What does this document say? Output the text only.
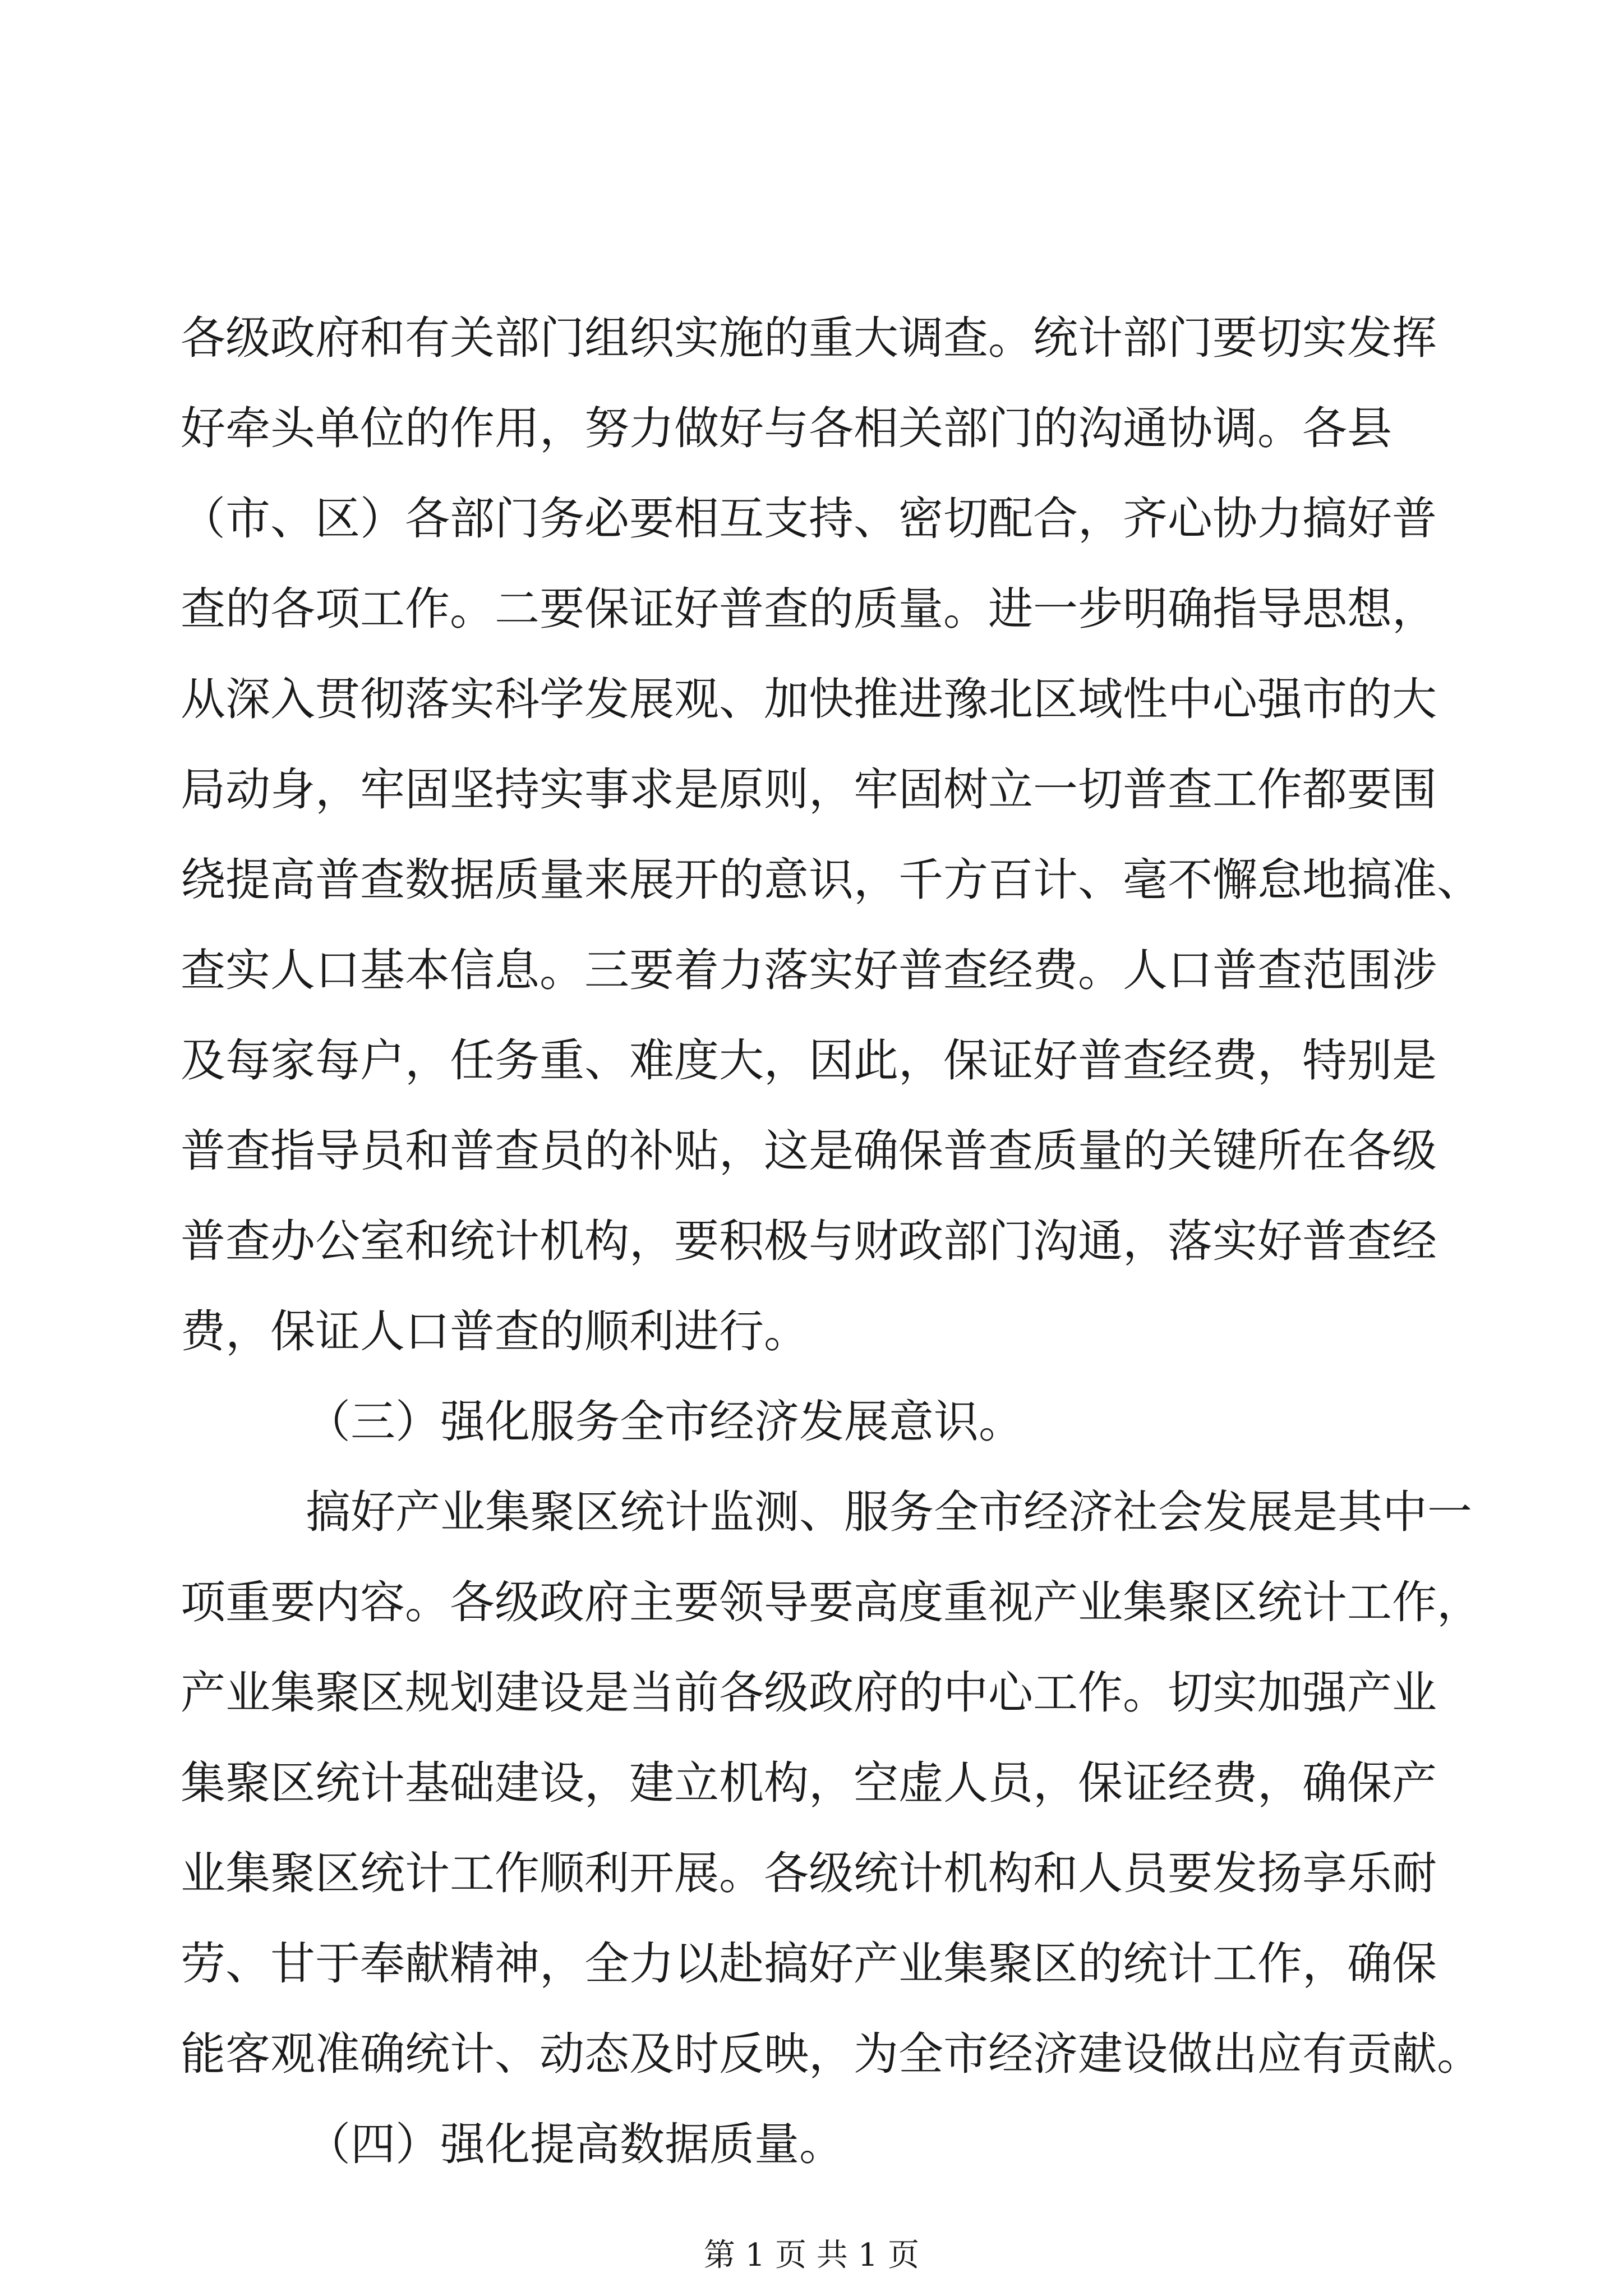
各级政府和有关部门组织实施的重大调查。统计部门要切实发挥
好牵头单位的作用，努力做好与各相关部门的沟通协调。各县
（市、区）各部门务必要相互支持、密切配合，齐心协力搞好普
查的各项工作。二要保证好普查的质量。进一步明确指导思想，
从深入贯彻落实科学发展观、加快推进豫北区域性中心强市的大
局动身，牢固坚持实事求是原则，牢固树立一切普查工作都要围
绕提高普查数据质量来展开的意识，千方百计、毫不懈怠地搞准、
查实人口基本信息。三要着力落实好普查经费。人口普查范围涉
及每家每户，任务重、难度大，因此，保证好普查经费，特别是
普查指导员和普查员的补贴，这是确保普查质量的关键所在各级
普查办公室和统计机构，要积极与财政部门沟通，落实好普查经
费，保证人口普查的顺利进行。
（三）强化服务全市经济发展意识。
搞好产业集聚区统计监测、服务全市经济社会发展是其中一
项重要内容。各级政府主要领导要高度重视产业集聚区统计工作，
产业集聚区规划建设是当前各级政府的中心工作。切实加强产业
集聚区统计基础建设，建立机构，空虚人员，保证经费，确保产
业集聚区统计工作顺利开展。各级统计机构和人员要发扬享乐耐
劳、甘于奉献精神，全力以赴搞好产业集聚区的统计工作，确保
能客观准确统计、动态及时反映，为全市经济建设做出应有贡献。
（四）强化提高数据质量。
第 1 页 共 1 页
